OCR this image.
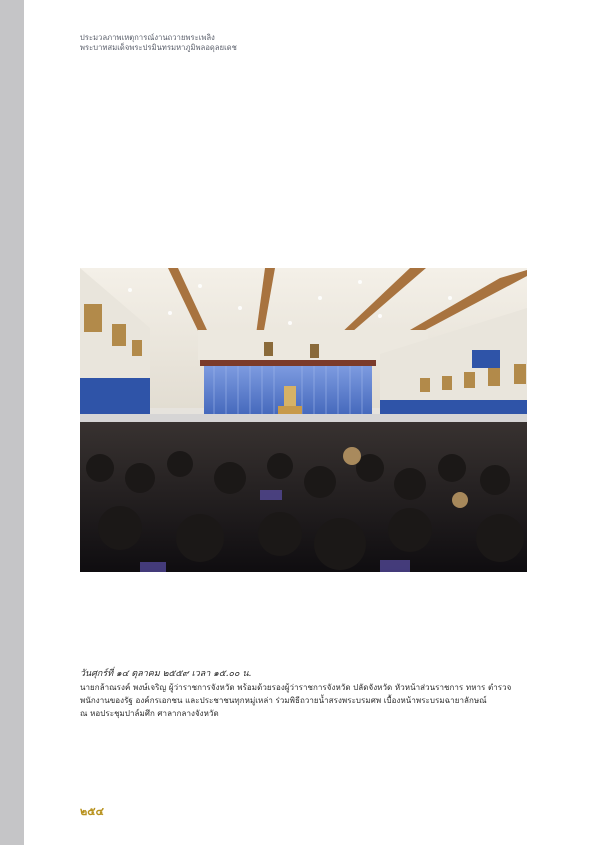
ประมวลภาพเหตุการณ์งานถวายพระเพลิง
พระบาทสมเด็จพระปรมินทรมหาภูมิพลอดุลยเดช
วันศุกร์ที่ ๑๔ ตุลาคม ๒๕๕๙ เวลา ๑๕.๐๐ น.
นายกล้าณรงค์ พงษ์เจริญ ผู้ว่าราชการจังหวัด พร้อมด้วยรองผู้ว่าราชการจังหวัด ปลัดจังหวัด หัวหน้าส่วนราชการ ทหาร ตำรวจ
พนักงานของรัฐ องค์กรเอกชน และประชาชนทุกหมู่เหล่า ร่วมพิธีถวายน้ำสรงพระบรมศพ เบื้องหน้าพระบรมฉายาลักษณ์
ณ หอประชุมปาล์มศึก ศาลากลางจังหวัด
๒๕๔
